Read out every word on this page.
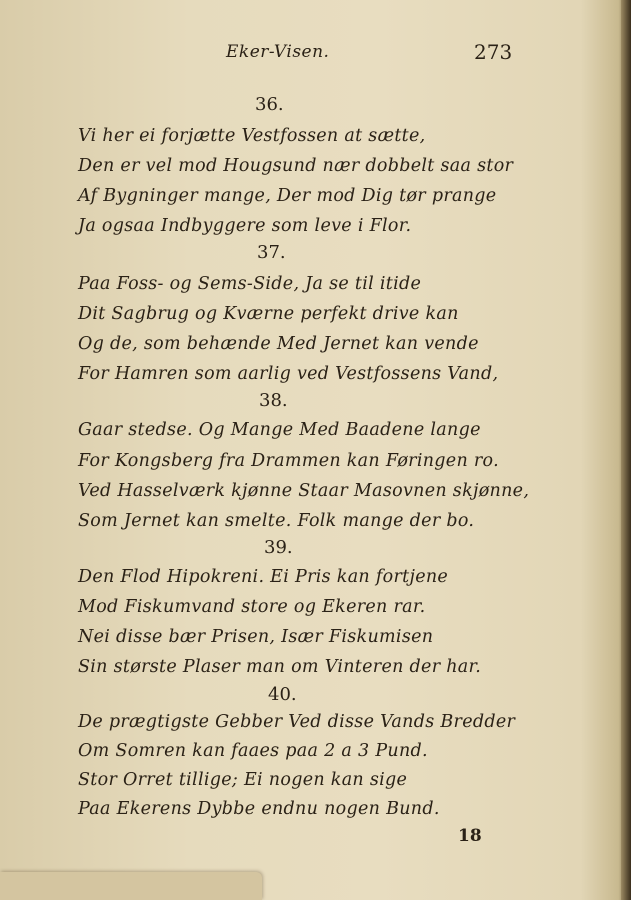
Eker-Visen.	273
36.
Vi her ei forjætte Vestfossen at sætte,
Den er vel mod Hougsund nær dobbelt saa stor
Af Bygninger mange, Der mod Dig tør prange
Ja ogsaa Indbyggere som leve i Flor.
37.
Paa Foss- og Sems-Side, Ja se til itide
Dit Sagbrug og Kværne perfekt drive kan
Og de, som behænde Med Jernet kan vende
For Hamren som aarlig ved Vestfossens Vand,
38.
Gaar stedse. Og Mange Med Baadene lange
For Kongsberg fra Drammen kan Føringen ro.
Ved Hasselværk kjønne Staar Masovnen skjønne,
Som Jernet kan smelte. Folk mange der bo.
39.
Den Flod Hipokreni. Ei Pris kan fortjene
Mod Fiskumvand store og Ekeren rar.
Nei disse bær Prisen, Især Fiskumisen
Sin største Plaser man om Vinteren der har.
40.
De prægtigste Gebber Ved disse Vands Bredder
Om Somren kan faaes paa 2 a 3 Pund.
Stor Orret tillige; Ei nogen kan sige
Paa Ekerens Dybbe endnu nogen Bund.
18
